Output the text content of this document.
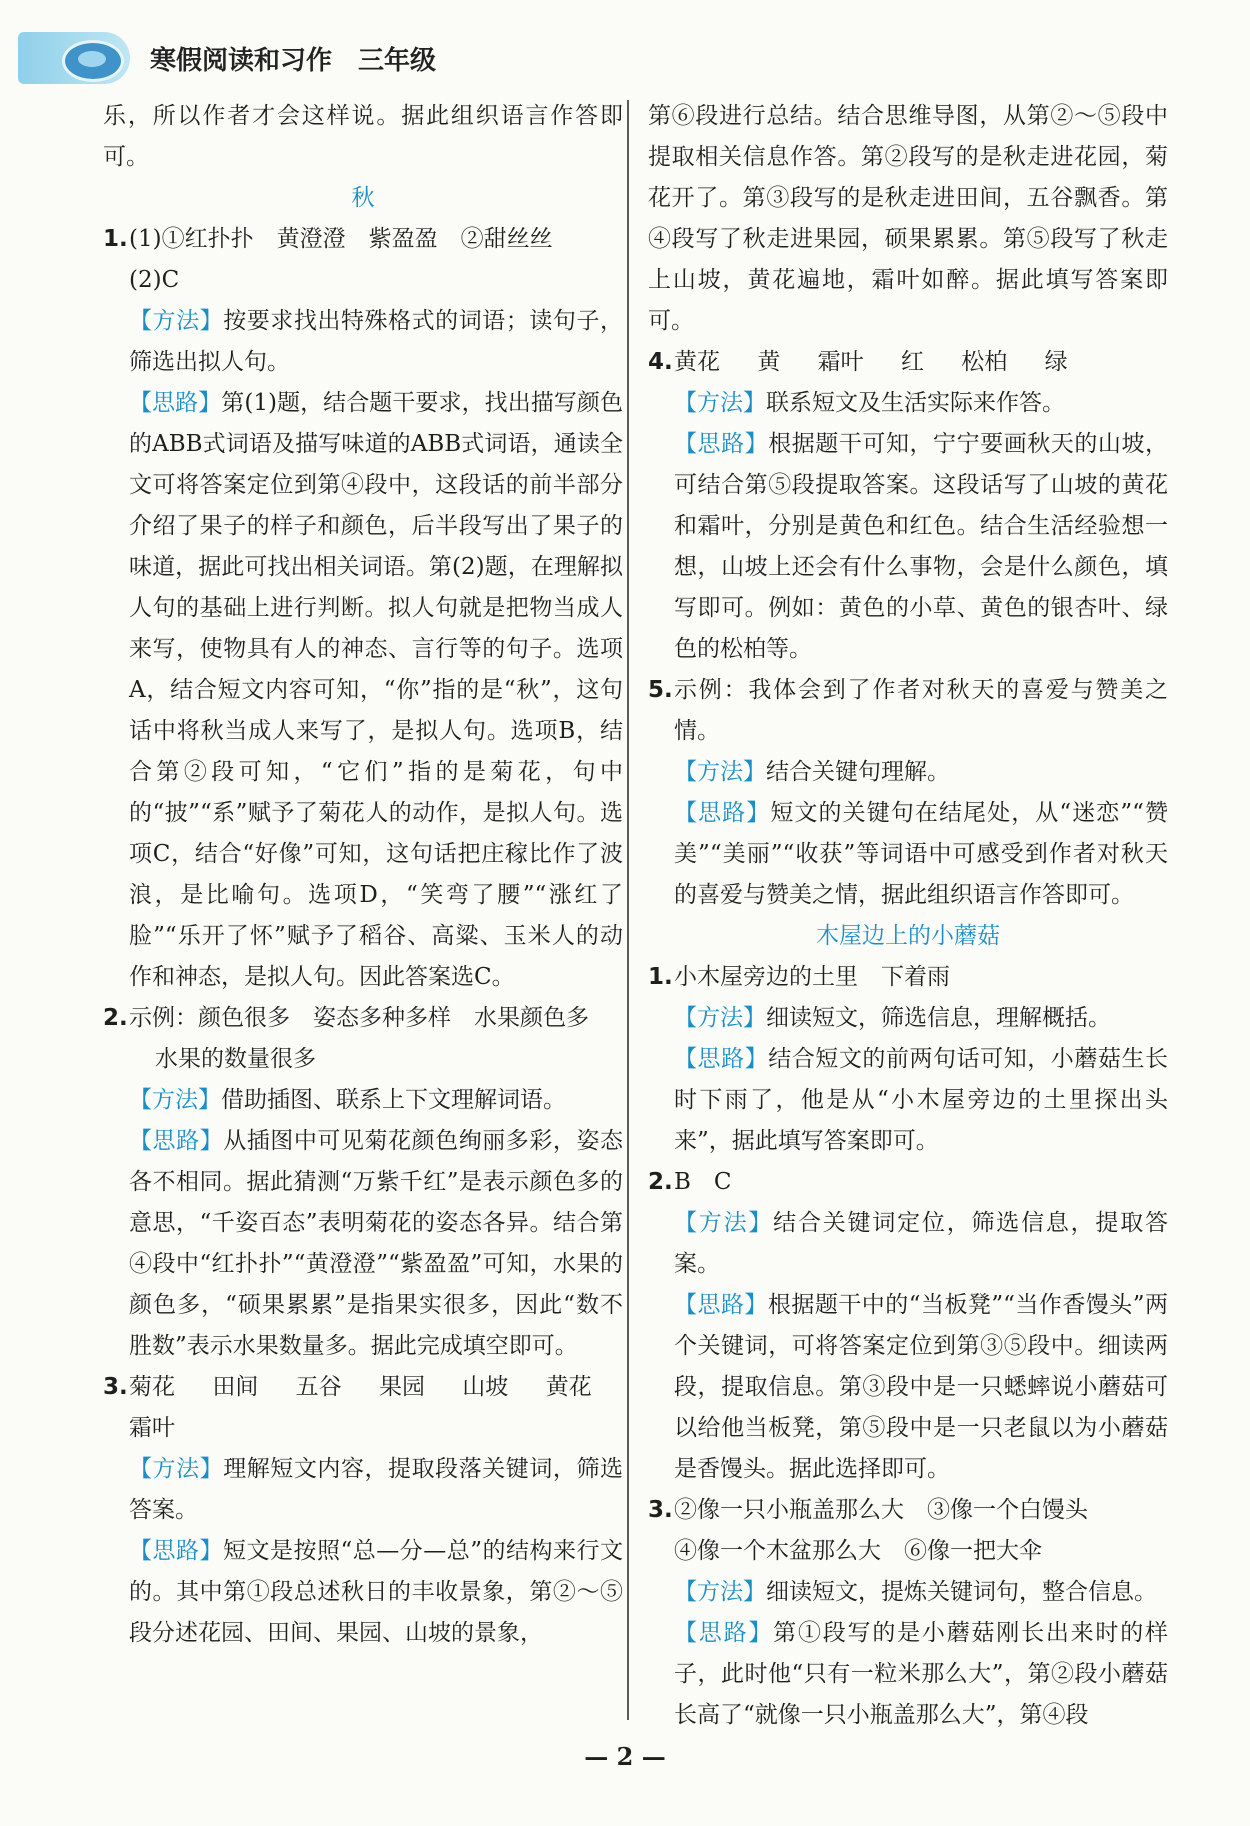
寒假阅读和习作　三年级

乐，所以作者才会这样说。据此组织语言作答即可。

秋
1. (1)①红扑扑　黄澄澄　紫盈盈　②甜丝丝

(2)C

【方法】按要求找出特殊格式的词语；读句子，筛选出拟人句。

【思路】第(1)题，结合题干要求，找出描写颜色的ABB式词语及描写味道的ABB式词语，通读全文可将答案定位到第④段中，这段话的前半部分介绍了果子的样子和颜色，后半段写出了果子的味道，据此可找出相关词语。第(2)题，在理解拟人句的基础上进行判断。拟人句就是把物当成人来写，使物具有人的神态、言行等的句子。选项A，结合短文内容可知，“你”指的是“秋”，这句话中将秋当成人来写了，是拟人句。选项B，结合第②段可知，“它们”指的是菊花，句中的“披”“系”赋予了菊花人的动作，是拟人句。选项C，结合“好像”可知，这句话把庄稼比作了波浪，是比喻句。选项D，“笑弯了腰”“涨红了脸”“乐开了怀”赋予了稻谷、高粱、玉米人的动作和神态，是拟人句。因此答案选C。

2. 示例：颜色很多　姿态多种多样　水果颜色多

水果的数量很多

【方法】借助插图、联系上下文理解词语。

【思路】从插图中可见菊花颜色绚丽多彩，姿态各不相同。据此猜测“万紫千红”是表示颜色多的意思，“千姿百态”表明菊花的姿态各异。结合第④段中“红扑扑”“黄澄澄”“紫盈盈”可知，水果的颜色多，“硕果累累”是指果实很多，因此“数不胜数”表示水果数量多。据此完成填空即可。

3. 菊花 田间 五谷 果园 山坡 黄花

霜叶

【方法】理解短文内容，提取段落关键词，筛选答案。

【思路】短文是按照“总—分—总”的结构来行文的。其中第①段总述秋日的丰收景象，第②～⑤段分述花园、田间、果园、山坡的景象，

第⑥段进行总结。结合思维导图，从第②～⑤段中提取相关信息作答。第②段写的是秋走进花园，菊花开了。第③段写的是秋走进田间，五谷飘香。第④段写了秋走进果园，硕果累累。第⑤段写了秋走上山坡，黄花遍地，霜叶如醉。据此填写答案即可。

4. 黄花 黄 霜叶 红 松柏 绿

【方法】联系短文及生活实际来作答。

【思路】根据题干可知，宁宁要画秋天的山坡，可结合第⑤段提取答案。这段话写了山坡的黄花和霜叶，分别是黄色和红色。结合生活经验想一想，山坡上还会有什么事物，会是什么颜色，填写即可。例如：黄色的小草、黄色的银杏叶、绿色的松柏等。

5. 示例：我体会到了作者对秋天的喜爱与赞美之情。

【方法】结合关键句理解。

【思路】短文的关键句在结尾处，从“迷恋”“赞美”“美丽”“收获”等词语中可感受到作者对秋天的喜爱与赞美之情，据此组织语言作答即可。

木屋边上的小蘑菇
1. 小木屋旁边的土里　下着雨

【方法】细读短文，筛选信息，理解概括。

【思路】结合短文的前两句话可知，小蘑菇生长时下雨了，他是从“小木屋旁边的土里探出头来”，据此填写答案即可。

2. B　C

【方法】结合关键词定位，筛选信息，提取答案。

【思路】根据题干中的“当板凳”“当作香馒头”两个关键词，可将答案定位到第③⑤段中。细读两段，提取信息。第③段中是一只蟋蟀说小蘑菇可以给他当板凳，第⑤段中是一只老鼠以为小蘑菇是香馒头。据此选择即可。

3. ②像一只小瓶盖那么大　③像一个白馒头

④像一个木盆那么大　⑥像一把大伞

【方法】细读短文，提炼关键词句，整合信息。

【思路】第①段写的是小蘑菇刚长出来时的样子，此时他“只有一粒米那么大”，第②段小蘑菇长高了“就像一只小瓶盖那么大”，第④段

— 2 —
